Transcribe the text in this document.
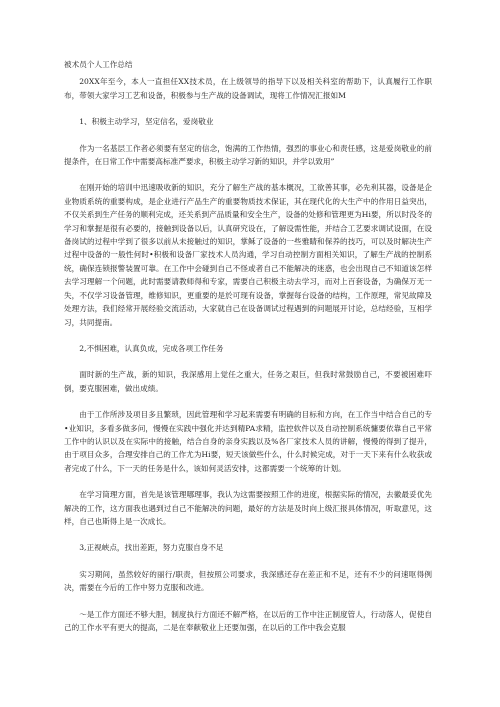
被术员个人工作总结

20XX年至今，本人一直担任XX技术员，在上级领导的指导下以及相关科室的帮助下，认真履行工作职布，带领大家学习工艺和设备，积极参与生产战的设备调试，现将工作情况汇报如M

1、积极主动学习，坚定信名，爱岗敬业

作为一名基层工作者必须要有坚定的信念，饱满的工作热情，强烈的事业心和责任感，这是爱岗敬业的前提条件，在日常工作中需要高标准严要求，积极主动学习新的知识，并学以致用”

在刚开始的培训中迅速吸收新的知识，充分了解生产战的基本概况，工欲善其事，必先利其器，设备是企业物质系统的重要构成，是企业进行产品生产的重要物质技术保证，其在现代化的大生产中的作用日益突出，不仅关系到生产任务的顺利完成，还关系到产品质量和安全生产，设备的处修和管理更为Hi要，所以时没冬的学习和掌握是很有必要的，接触到设备以后，认真研究设在，了解设需性能，并结合工艺要求调试设面，在设备岗试的过程中学到了很多以前从未接触过的知识，掌稣了设备的一些雅睛和保养的技巧，可以及时解决生产过程中设备的一般性何时•积极和设备厂家技术人员沟通，学习自动控制方面相关知识，了解生产战的控制系统，确保连锁报警装置可靠。在工作中会碰到自己不怪或者自己不能解决的迷惑，也会出现自己不知道该怎样去学习理解一个问题，此时需要请教师得和专家，需要自己积极主动去学习，而对上百套设备，为确保万无一失，不仅学习设备管理，维修知识，更重要的是於可现有设备，掌握每台设备的结构，工作原理，常见故障及处理方法，我们经常开展经验交流活动，大家就自己在设备调试过程遇到的问题展开讨论，总结经验，互相学习，共同提南。

2,不惧困难，认真负成，完成各项工作任务

面时新的生产战，新的知识，我深感用上觉任之重大，任务之艰巨，但我时常鼓励自己，不要被困难吓倒，要克服困难，做出成绩。

由于工作所涉及项目多且繁琐，因此管理和学习起来需要有明确的目标和方向，在工作当中结合自己的专•业知识，多看多做多问，慢慢在实践中强化并达到精PA求精，监控软件以及自动控制系统慵要依靠自己平常工作中的认识以及在实际中的接触，结合自身的亲身实践以及%各厂家技术人员的讲解，慢慢的得到了提升，由于项目众多，合理安排自己的工作尤为Hi要，短天该做些什么，什么时候完成，对于一天下来有什么收获或者完成了什么，下一天的任务是什么，该如何灵活安排，这都需要一个统筹的计划。

在学习筒理方面，首先是该管理哪理事，我认为这需要按照工作的进度，根据实际的情况，去徽最妥优先解决的工作，这方面我也遇到过自己不能解决的问题，最好的方法是及时向上级汇报具体情况，听取意见，这样，自己也斯得上是一次成长。

3,正视峡点，找出差距，努力克服自身不足

实习期间，虽然较好的丽行/职责，但按照公司要求，我深感还存在差正和不足，还有不少的问速呕得例决，需要在今后的工作中努力克服和改进。

〜是工作方面还不够大胆，制度执行方面还不解严格，在以后的工作中注正制度管人，行动落人，促使自己的工作水平有更大的提高，二是在奉献敬业上还要加强，在以后的工作中我会克服
